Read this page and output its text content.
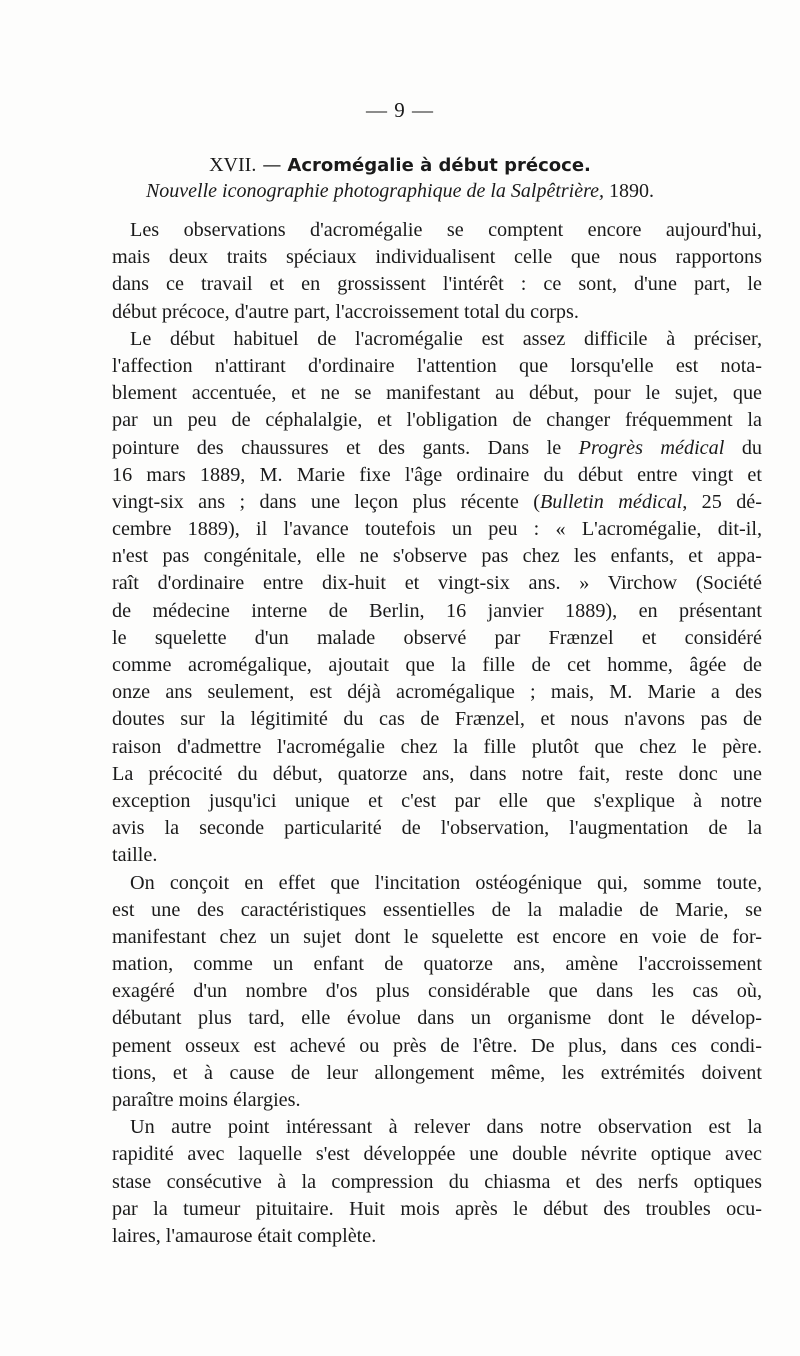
— 9 —
XVII. — Acromégalie à début précoce.
Nouvelle iconographie photographique de la Salpêtrière, 1890.
Les observations d'acromégalie se comptent encore aujourd'hui,
mais deux traits spéciaux individualisent celle que nous rapportons
dans ce travail et en grossissent l'intérêt : ce sont, d'une part, le
début précoce, d'autre part, l'accroissement total du corps.
Le début habituel de l'acromégalie est assez difficile à préciser,
l'affection n'attirant d'ordinaire l'attention que lorsqu'elle est nota-
blement accentuée, et ne se manifestant au début, pour le sujet, que
par un peu de céphalalgie, et l'obligation de changer fréquemment la
pointure des chaussures et des gants. Dans le Progrès médical du
16 mars 1889, M. Marie fixe l'âge ordinaire du début entre vingt et
vingt-six ans ; dans une leçon plus récente (Bulletin médical, 25 dé-
cembre 1889), il l'avance toutefois un peu : « L'acromégalie, dit-il,
n'est pas congénitale, elle ne s'observe pas chez les enfants, et appa-
raît d'ordinaire entre dix-huit et vingt-six ans. » Virchow (Société
de médecine interne de Berlin, 16 janvier 1889), en présentant
le squelette d'un malade observé par Frænzel et considéré
comme acromégalique, ajoutait que la fille de cet homme, âgée de
onze ans seulement, est déjà acromégalique ; mais, M. Marie a des
doutes sur la légitimité du cas de Frænzel, et nous n'avons pas de
raison d'admettre l'acromégalie chez la fille plutôt que chez le père.
La précocité du début, quatorze ans, dans notre fait, reste donc une
exception jusqu'ici unique et c'est par elle que s'explique à notre
avis la seconde particularité de l'observation, l'augmentation de la
taille.
On conçoit en effet que l'incitation ostéogénique qui, somme toute,
est une des caractéristiques essentielles de la maladie de Marie, se
manifestant chez un sujet dont le squelette est encore en voie de for-
mation, comme un enfant de quatorze ans, amène l'accroissement
exagéré d'un nombre d'os plus considérable que dans les cas où,
débutant plus tard, elle évolue dans un organisme dont le dévelop-
pement osseux est achevé ou près de l'être. De plus, dans ces condi-
tions, et à cause de leur allongement même, les extrémités doivent
paraître moins élargies.
Un autre point intéressant à relever dans notre observation est la
rapidité avec laquelle s'est développée une double névrite optique avec
stase consécutive à la compression du chiasma et des nerfs optiques
par la tumeur pituitaire. Huit mois après le début des troubles ocu-
laires, l'amaurose était complète.
